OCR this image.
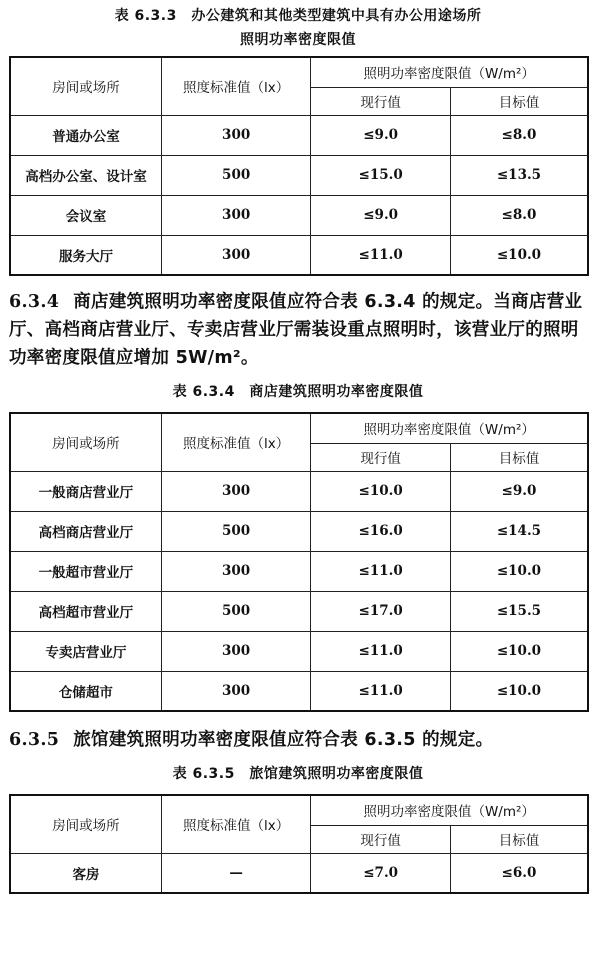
表 6.3.3　办公建筑和其他类型建筑中具有办公用途场所
照明功率密度限值
房间或场所	照度标准值（lx）	照明功率密度限值（W/m²）	
		现行值	目标值
普通办公室	300	≤9.0	≤8.0
高档办公室、设计室	500	≤15.0	≤13.5
会议室	300	≤9.0	≤8.0
服务大厅	300	≤11.0	≤10.0

6.3.4 商店建筑照明功率密度限值应符合表 6.3.4 的规定。当商店营业厅、高档商店营业厅、专卖店营业厅需装设重点照明时，该营业厅的照明功率密度限值应增加 5W/m²。

表 6.3.4　商店建筑照明功率密度限值
房间或场所	照度标准值（lx）	照明功率密度限值（W/m²）	
		现行值	目标值
一般商店营业厅	300	≤10.0	≤9.0
高档商店营业厅	500	≤16.0	≤14.5
一般超市营业厅	300	≤11.0	≤10.0
高档超市营业厅	500	≤17.0	≤15.5
专卖店营业厅	300	≤11.0	≤10.0
仓储超市	300	≤11.0	≤10.0

6.3.5 旅馆建筑照明功率密度限值应符合表 6.3.5 的规定。

表 6.3.5　旅馆建筑照明功率密度限值
房间或场所	照度标准值（lx）	照明功率密度限值（W/m²）	
		现行值	目标值
客房	—	≤7.0	≤6.0
